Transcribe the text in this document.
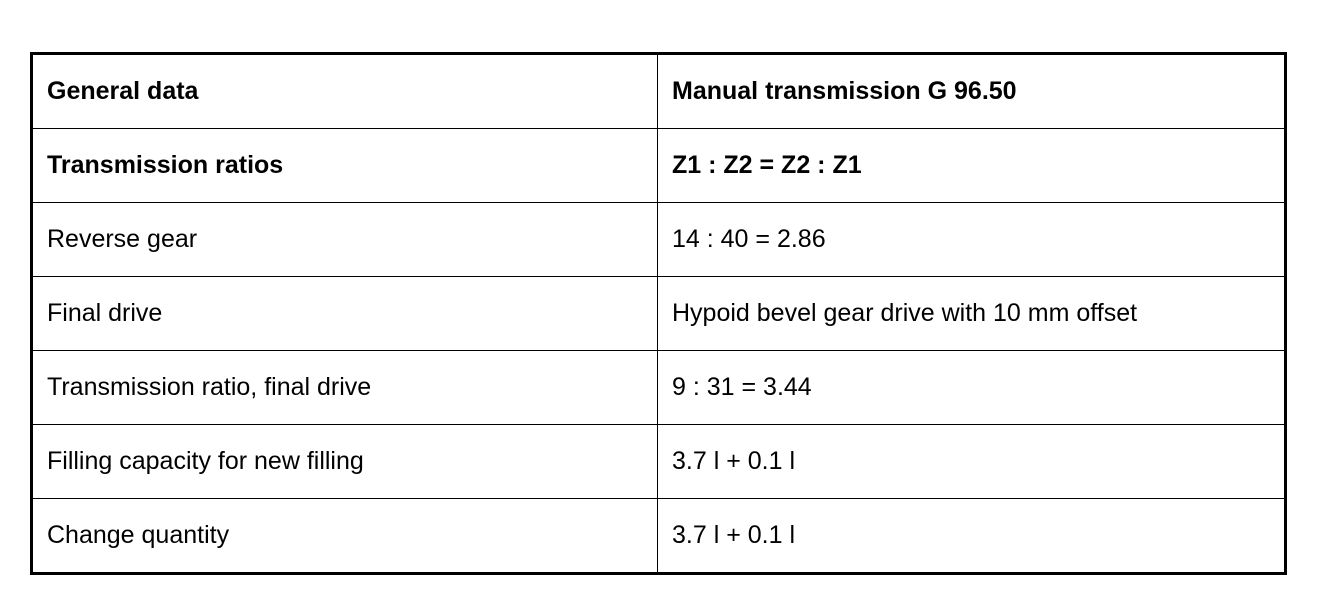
General data	Manual transmission G 96.50
Transmission ratios	Z1 : Z2 = Z2 : Z1
Reverse gear	14 : 40 = 2.86
Final drive	Hypoid bevel gear drive with 10 mm offset
Transmission ratio, final drive	9 : 31 = 3.44
Filling capacity for new filling	3.7 l + 0.1 l
Change quantity	3.7 l + 0.1 l
